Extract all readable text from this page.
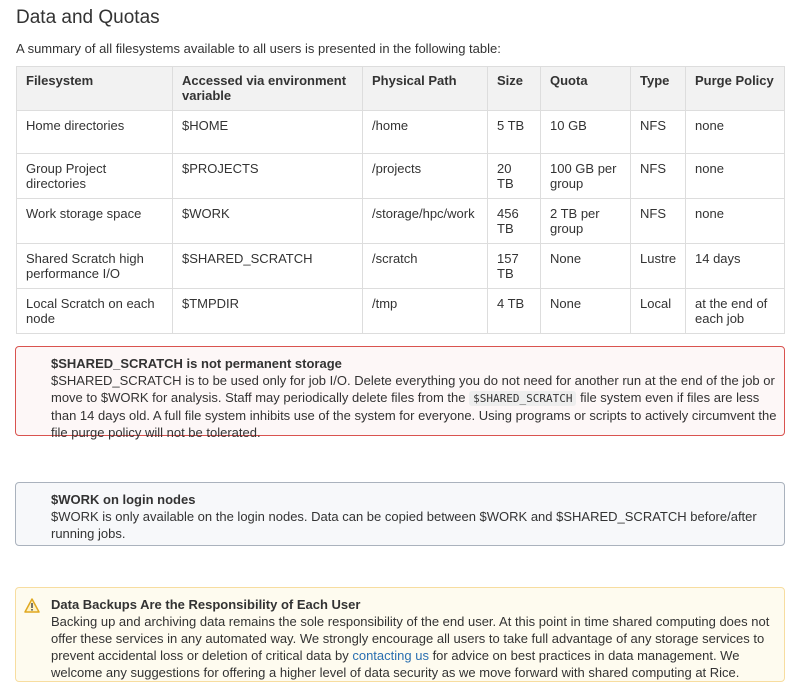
Data and Quotas

A summary of all filesystems available to all users is presented in the following table:

Filesystem	Accessed via environment variable	Physical Path	Size	Quota	Type	Purge Policy
Home directories	$HOME	/home	5 TB	10 GB	NFS	none
Group Project directories	$PROJECTS	/projects	20 TB	100 GB per group	NFS	none
Work storage space	$WORK	/storage/hpc/work	456 TB	2 TB per group	NFS	none
Shared Scratch high performance I/O	$SHARED_SCRATCH	/scratch	157 TB	None	Lustre	14 days
Local Scratch on each node	$TMPDIR	/tmp	4 TB	None	Local	at the end of each job
$SHARED_SCRATCH is not permanent storage
$SHARED_SCRATCH is to be used only for job I/O. Delete everything you do not need for another run at the end of the job or move to $WORK for analysis. Staff may periodically delete files from the $SHARED_SCRATCH file system even if files are less than 14 days old. A full file system inhibits use of the system for everyone. Using programs or scripts to actively circumvent the file purge policy will not be tolerated.
$WORK on login nodes
$WORK is only available on the login nodes. Data can be copied between $WORK and $SHARED_SCRATCH before/after running jobs.
Data Backups Are the Responsibility of Each User
Backing up and archiving data remains the sole responsibility of the end user. At this point in time shared computing does not offer these services in any automated way. We strongly encourage all users to take full advantage of any storage services to prevent accidental loss or deletion of critical data by contacting us for advice on best practices in data management. We welcome any suggestions for offering a higher level of data security as we move forward with shared computing at Rice.
